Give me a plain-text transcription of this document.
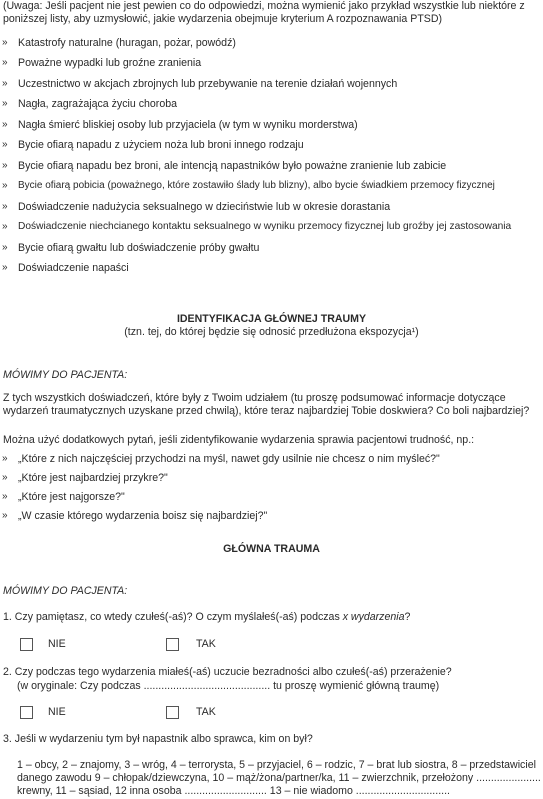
(Uwaga: Jeśli pacjent nie jest pewien co do odpowiedzi, można wymienić jako przykład wszystkie lub niektóre z poniższej listy, aby uzmysłowić, jakie wydarzenia obejmuje kryterium A rozpoznawania PTSD)

» Katastrofy naturalne (huragan, pożar, powódź)
» Poważne wypadki lub groźne zranienia
» Uczestnictwo w akcjach zbrojnych lub przebywanie na terenie działań wojennych
» Nagła, zagrażająca życiu choroba
» Nagła śmierć bliskiej osoby lub przyjaciela (w tym w wyniku morderstwa)
» Bycie ofiarą napadu z użyciem noża lub broni innego rodzaju
» Bycie ofiarą napadu bez broni, ale intencją napastników było poważne zranienie lub zabicie
» Bycie ofiarą pobicia (poważnego, które zostawiło ślady lub blizny), albo bycie świadkiem przemocy fizycznej
» Doświadczenie nadużycia seksualnego w dzieciństwie lub w okresie dorastania
» Doświadczenie niechcianego kontaktu seksualnego w wyniku przemocy fizycznej lub groźby jej zastosowania
» Bycie ofiarą gwałtu lub doświadczenie próby gwałtu
» Doświadczenie napaści
IDENTYFIKACJA GŁÓWNEJ TRAUMY
(tzn. tej, do której będzie się odnosić przedłużona ekspozycja¹)
MÓWIMY DO PACJENTA:

Z tych wszystkich doświadczeń, które były z Twoim udziałem (tu proszę podsumować informacje dotyczące wydarzeń traumatycznych uzyskane przed chwilą), które teraz najbardziej Tobie doskwiera? Co boli najbardziej?

Można użyć dodatkowych pytań, jeśli zidentyfikowanie wydarzenia sprawia pacjentowi trudność, np.:

» „Które z nich najczęściej przychodzi na myśl, nawet gdy usilnie nie chcesz o nim myśleć?"
» „Które jest najbardziej przykre?"
» „Które jest najgorsze?"
» „W czasie którego wydarzenia boisz się najbardziej?"
GŁÓWNA TRAUMA
MÓWIMY DO PACJENTA:
1. Czy pamiętasz, co wtedy czułeś(-aś)? O czym myślałeś(-aś) podczas x wydarzenia?
NIE	TAK
2. Czy podczas tego wydarzenia miałeś(-aś) uczucie bezradności albo czułeś(-aś) przerażenie?
(w oryginale: Czy podczas ........................................... tu proszę wymienić główną traumę)
NIE	TAK
3. Jeśli w wydarzeniu tym był napastnik albo sprawca, kim on był?

1 – obcy, 2 – znajomy, 3 – wróg, 4 – terrorysta, 5 – przyjaciel, 6 – rodzic, 7 – brat lub siostra, 8 – przedstawiciel danego zawodu 9 – chłopak/dziewczyna, 10 – mąż/żona/partner/ka, 11 – zwierzchnik, przełożony ...................... krewny, 11 – sąsiad, 12 inna osoba ............................ 13 – nie wiadomo ................................
